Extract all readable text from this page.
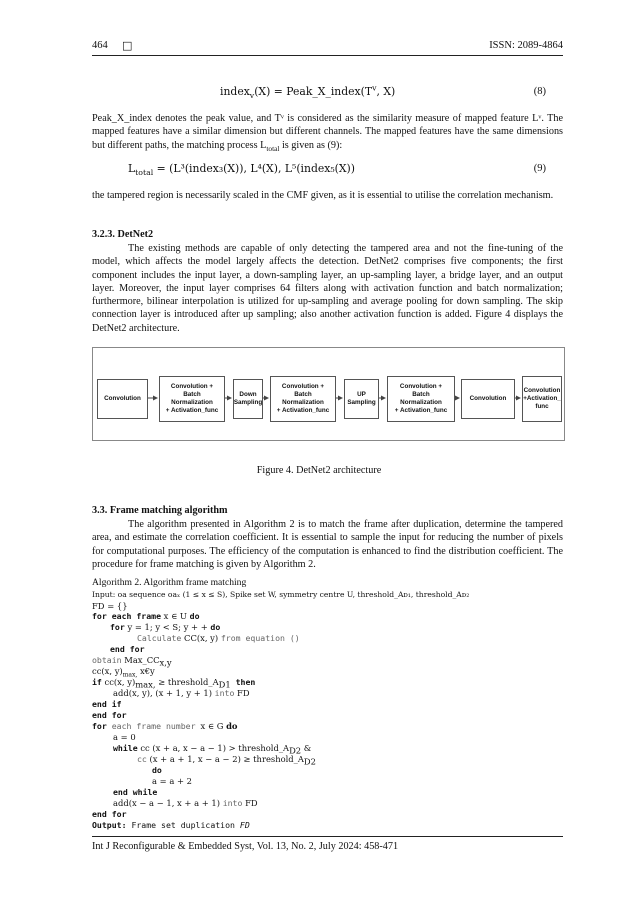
464 □	ISSN: 2089-4864
index$_v$(X) = $Peak\_X\_index(T^v$, X)	(8)

Peak_X_index denotes the peak value, and Tᵛ is considered as the similarity measure of mapped feature Lᵛ. The mapped features have a similar dimension but different channels. The mapped features have the same dimensions but different paths, the matching process $L_{total}$ is given as (9):

$L_{total}$ = (L³(index₃(X)), L⁴(X), L⁵(index₅(X))	(9)

the tampered region is necessarily scaled in the CMF given, as it is essential to utilise the correlation mechanism.

3.2.3. DetNet2

The existing methods are capable of only detecting the tampered area and not the fine-tuning of the model, which affects the model largely affects the detection. DetNet2 comprises five components; the first component includes the input layer, a down-sampling layer, an up-sampling layer, a bridge layer, and an output layer. Moreover, the input layer comprises 64 filters along with activation function and batch normalization; furthermore, bilinear interpolation is utilized for up-sampling and average pooling for down sampling. The skip connection layer is introduced after up sampling; also another activation function is added. Figure 4 displays the DetNet2 architecture.

Convolution
Convolution +
Batch
Normalization
+ Activation_func
Down
Sampling
Convolution +
Batch
Normalization
+ Activation_func
UP
Sampling
Convolution +
Batch
Normalization
+ Activation_func
Convolution
Convolution
+Activation_
func
Figure 4. DetNet2 architecture
3.3. Frame matching algorithm

The algorithm presented in Algorithm 2 is to match the frame after duplication, determine the tampered area, and estimate the correlation coefficient. It is essential to sample the input for reducing the number of pixels for computational purposes. The efficiency of the computation is enhanced to find the distribution coefficient. The procedure for frame matching is given by Algorithm 2.

Algorithm 2. Algorithm frame matching
Input: oa sequence oaₓ (1 ≤ x ≤ S), Spike set W, symmetry centre U, threshold_Aᴅ₁, threshold_Aᴅ₂
FD = {}
for each frame x ∈ U do
for y = 1; y < S; y + + do
Calculate CC(x, y) from equation ()
end for
obtain $Max\_CC_{x,y}$
cc(x, $y)_{max,}$ x€y
if cc(x, $y)_{max,}$ ≥ $threshold\_A_{D1}$ then
add(x, y), (x + 1, y + 1) into FD
end if
end for
for each frame number x ∈ G do
a = 0
while cc (x + a, $x - a - 1) > threshold\_A_{D2}$ &
cc (x + a + 1, $x - a - 2) \ge threshold\_A_{D2}$
do
a = a + 2
end while
add(x − a − 1, x + a + 1) into FD
end for
Output: Frame set duplication FD
Int J Reconfigurable & Embedded Syst, Vol. 13, No. 2, July 2024: 458-471
